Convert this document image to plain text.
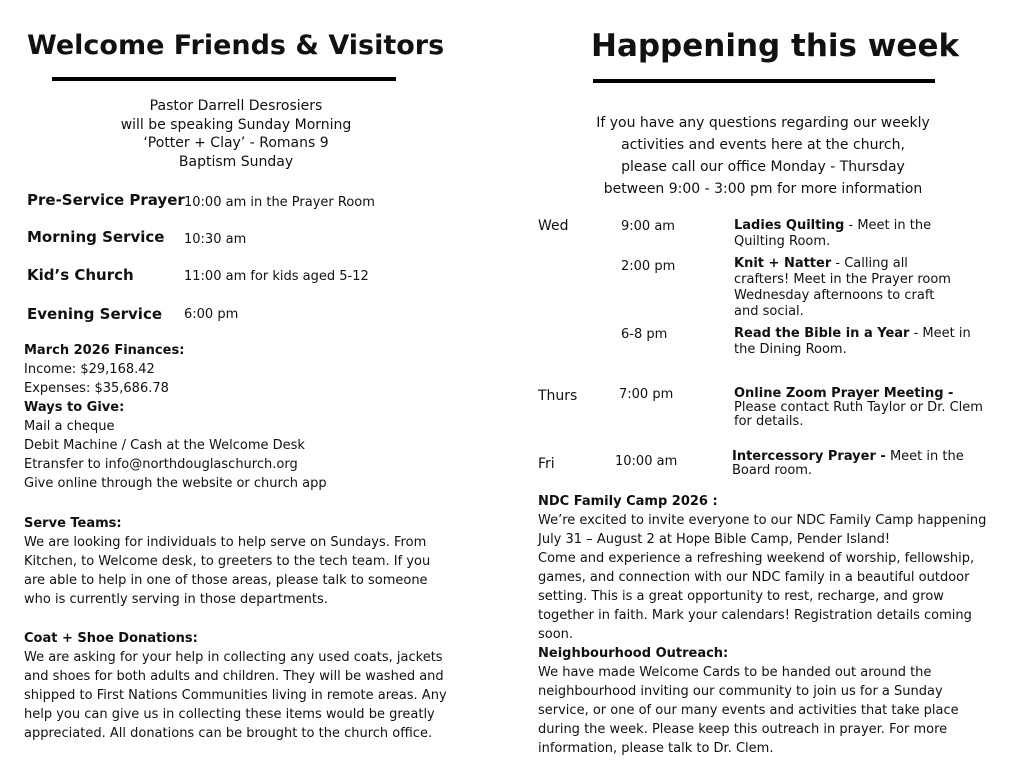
Welcome Friends & Visitors
Pastor Darrell Desrosiers
will be speaking Sunday Morning
‘Potter + Clay’ - Romans 9
Baptism Sunday
Pre-Service Prayer 10:00 am in the Prayer Room
Morning Service 10:30 am
Kid’s Church	11:00 am for kids aged 5-12
Evening Service 6:00 pm
March 2026 Finances:
Income: $29,168.42
Expenses: $35,686.78
Ways to Give:
Mail a cheque
Debit Machine / Cash at the Welcome Desk
Etransfer to info@northdouglaschurch.org
Give online through the website or church app
Serve Teams:
We are looking for individuals to help serve on Sundays. From Kitchen, to Welcome desk, to greeters to the tech team. If you are able to help in one of those areas, please talk to someone who is currently serving in those departments.
Coat + Shoe Donations:
We are asking for your help in collecting any used coats, jackets and shoes for both adults and children. They will be washed and shipped to First Nations Communities living in remote areas. Any help you can give us in collecting these items would be greatly appreciated. All donations can be brought to the church office.
Happening this week
If you have any questions regarding our weekly
activities and events here at the church,
please call our office Monday - Thursday
between 9:00 - 3:00 pm for more information
Wed
Thurs
Fri
9:00 am
2:00 pm
6-8 pm
7:00 pm
10:00 am
Ladies Quilting - Meet in the Quilting Room.
Knit + Natter - Calling all crafters! Meet in the Prayer room Wednesday afternoons to craft and social.
Read the Bible in a Year - Meet in the Dining Room.
Online Zoom Prayer Meeting - Please contact Ruth Taylor or Dr. Clem for details.
Intercessory Prayer - Meet in the Board room.
NDC Family Camp 2026 :
We’re excited to invite everyone to our NDC Family Camp happening July 31 – August 2 at Hope Bible Camp, Pender Island!
Come and experience a refreshing weekend of worship, fellowship, games, and connection with our NDC family in a beautiful outdoor setting. This is a great opportunity to rest, recharge, and grow together in faith. Mark your calendars! Registration details coming soon.
Neighbourhood Outreach:
We have made Welcome Cards to be handed out around the neighbourhood inviting our community to join us for a Sunday service, or one of our many events and activities that take place during the week. Please keep this outreach in prayer. For more information, please talk to Dr. Clem.
